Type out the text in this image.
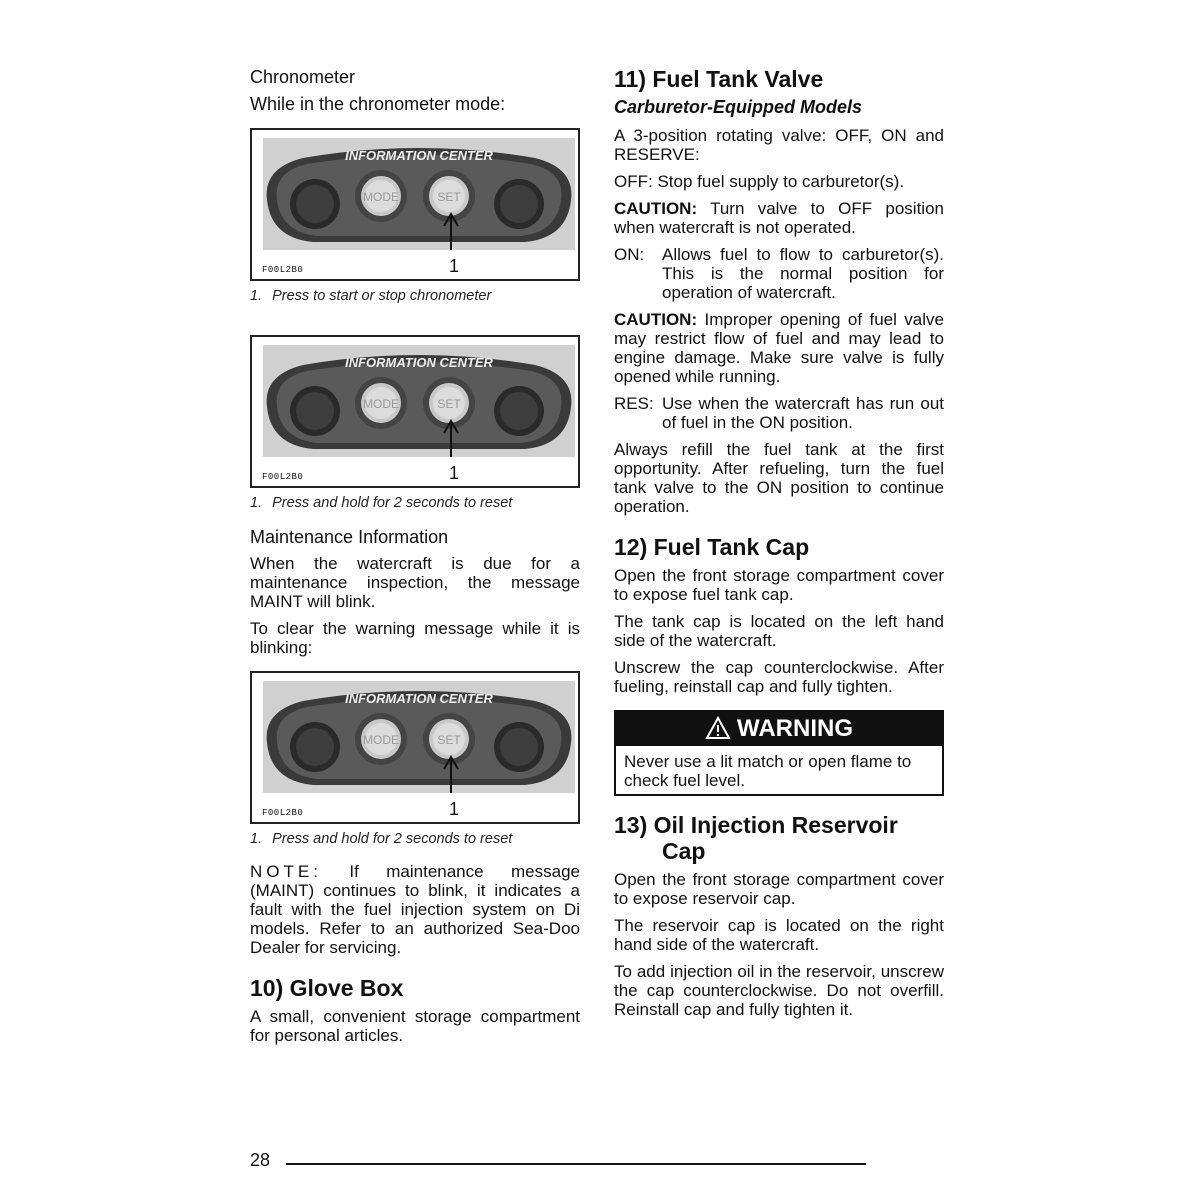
Chronometer

While in the chronometer mode:

INFORMATION CENTER
MODE	SET
F00L2B0	1

1. Press to start or stop chronometer

INFORMATION CENTER
MODE	SET
F00L2B0	1

1. Press and hold for 2 seconds to reset

Maintenance Information

When the watercraft is due for a maintenance inspection, the message MAINT will blink.

To clear the warning message while it is blinking:

INFORMATION CENTER
MODE	SET
F00L2B0	1

1. Press and hold for 2 seconds to reset

NOTE: If maintenance message (MAINT) continues to blink, it indicates a fault with the fuel injection system on Di models. Refer to an authorized Sea-Doo Dealer for servicing.

10) Glove Box

A small, convenient storage compartment for personal articles.

11) Fuel Tank Valve

Carburetor-Equipped Models

A 3-position rotating valve: OFF, ON and RESERVE:

OFF: Stop fuel supply to carburetor(s).

CAUTION: Turn valve to OFF position when watercraft is not operated.

ON:	Allows fuel to flow to carburetor(s). This is the normal position for operation of watercraft.

CAUTION: Improper opening of fuel valve may restrict flow of fuel and may lead to engine damage. Make sure valve is fully opened while running.

RES: Use when the watercraft has run out of fuel in the ON position.

Always refill the fuel tank at the first opportunity. After refueling, turn the fuel tank valve to the ON position to continue operation.

12) Fuel Tank Cap

Open the front storage compartment cover to expose fuel tank cap.

The tank cap is located on the left hand side of the watercraft.

Unscrew the cap counterclockwise. After fueling, reinstall cap and fully tighten.

WARNING
Never use a lit match or open flame to check fuel level.

13) Oil Injection Reservoir Cap

Open the front storage compartment cover to expose reservoir cap.

The reservoir cap is located on the right hand side of the watercraft.

To add injection oil in the reservoir, unscrew the cap counterclockwise. Do not overfill. Reinstall cap and fully tighten it.

28
